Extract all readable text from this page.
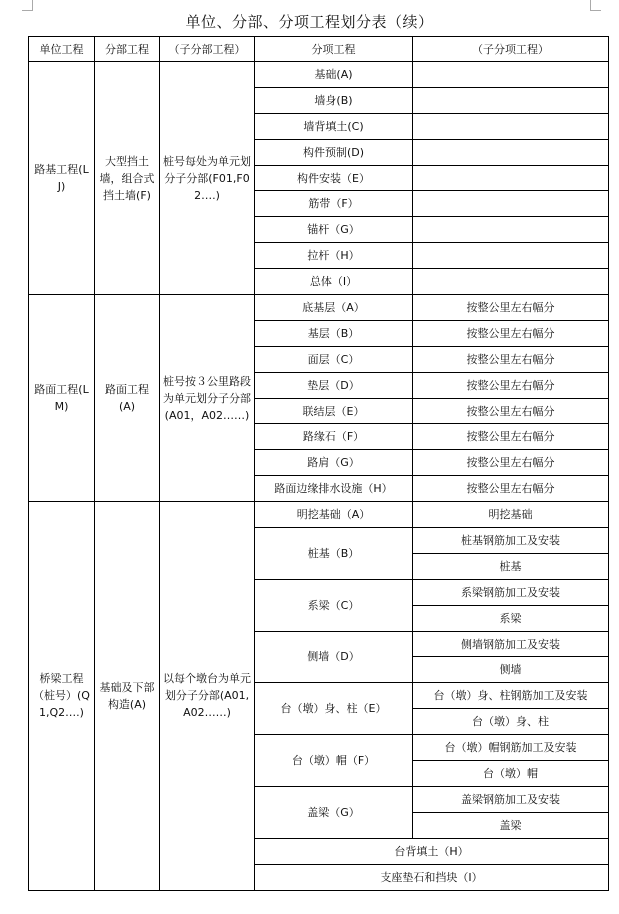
单位、分部、分项工程划分表（续）
单位工程	分部工程	（子分部工程）	分项工程	（子分项工程）
路基工程(LJ)	大型挡土墙，组合式挡土墙(F)	桩号每处为单元划分子分部(F01,F02….)	基础(A)	
			墙身(B)	
			墙背填土(C)	
			构件预制(D)	
			构件安装（E）	
			筋带（F）	
			锚杆（G）	
			拉杆（H）	
			总体（I）	
路面工程(LM)	路面工程(A)	桩号按３公里路段为单元划分子分部(A01，A02……)	底基层（A）	按整公里左右幅分
			基层（B）	按整公里左右幅分
			面层（C）	按整公里左右幅分
			垫层（D）	按整公里左右幅分
			联结层（E）	按整公里左右幅分
			路缘石（F）	按整公里左右幅分
			路肩（G）	按整公里左右幅分
			路面边缘排水设施（H）	按整公里左右幅分
桥梁工程（桩号）(Q1,Q2….)	基础及下部构造(A)	以每个墩台为单元划分子分部(A01,A02……)	明挖基础（A）	明挖基础
			桩基（B）	桩基钢筋加工及安装
				桩基
			系梁（C）	系梁钢筋加工及安装
				系梁
			侧墙（D）	侧墙钢筋加工及安装
				侧墙
			台（墩）身、柱（E）	台（墩）身、柱钢筋加工及安装
				台（墩）身、柱
			台（墩）帽（F）	台（墩）帽钢筋加工及安装
				台（墩）帽
			盖梁（G）	盖梁钢筋加工及安装
				盖梁
			台背填土（H）	
			支座垫石和挡块（I）	
